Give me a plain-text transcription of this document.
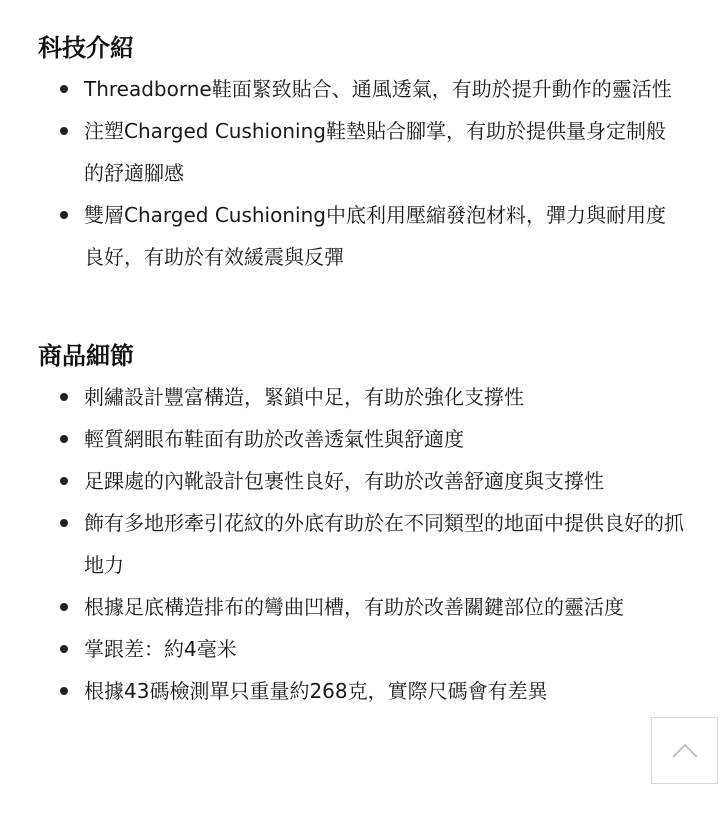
科技介紹
Threadborne鞋面緊致貼合、通風透氣，有助於提升動作的靈活性
注塑Charged Cushioning鞋墊貼合腳掌，有助於提供量身定制般的舒適腳感
雙層Charged Cushioning中底利用壓縮發泡材料，彈力與耐用度良好，有助於有效緩震與反彈
商品細節
刺繡設計豐富構造，緊鎖中足，有助於強化支撐性
輕質網眼布鞋面有助於改善透氣性與舒適度
足踝處的內靴設計包裹性良好，有助於改善舒適度與支撐性
飾有多地形牽引花紋的外底有助於在不同類型的地面中提供良好的抓地力
根據足底構造排布的彎曲凹槽，有助於改善關鍵部位的靈活度
掌跟差：約4毫米
根據43碼檢測單只重量約268克，實際尺碼會有差異
